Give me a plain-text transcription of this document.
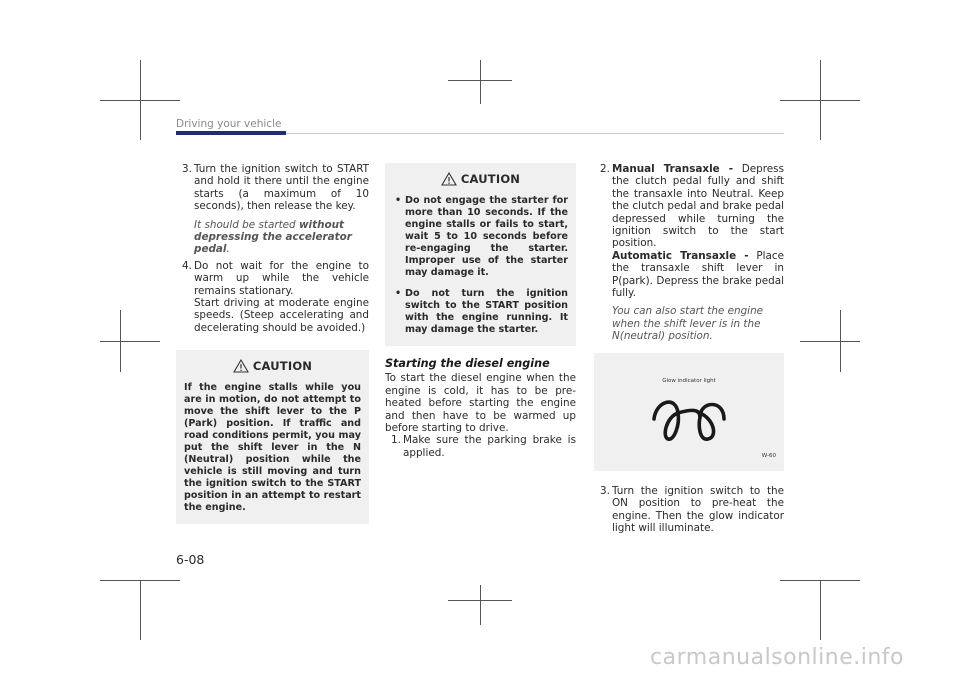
Driving your vehicle
3. Turn the ignition switch to START and hold it there until the engine starts (a maximum of 10 seconds), then release the key.
It should be started without depressing the accelerator pedal.
4. Do not wait for the engine to warm up while the vehicle remains stationary.
Start driving at moderate engine speeds. (Steep accelerating and decelerating should be avoided.)
CAUTION
If the engine stalls while you are in motion, do not attempt to move the shift lever to the P (Park) position. If traffic and road conditions permit, you may put the shift lever in the N (Neutral) position while the vehicle is still moving and turn the ignition switch to the START position in an attempt to restart the engine.
CAUTION
• Do not engage the starter for more than 10 seconds. If the engine stalls or fails to start, wait 5 to 10 seconds before re-engaging the starter. Improper use of the starter may damage it.
• Do not turn the ignition switch to the START position with the engine running. It may damage the starter.
Starting the diesel engine
To start the diesel engine when the engine is cold, it has to be pre-heated before starting the engine and then have to be warmed up before starting to drive.
1. Make sure the parking brake is applied.
2. Manual Transaxle - Depress the clutch pedal fully and shift the transaxle into Neutral. Keep the clutch pedal and brake pedal depressed while turning the ignition switch to the start position.
Automatic Transaxle - Place the transaxle shift lever in P(park). Depress the brake pedal fully.
You can also start the engine when the shift lever is in the N(neutral) position.
Glow indicator light
W-60
3. Turn the ignition switch to the ON position to pre-heat the engine. Then the glow indicator light will illuminate.
6-08
carmanualsonline.info
